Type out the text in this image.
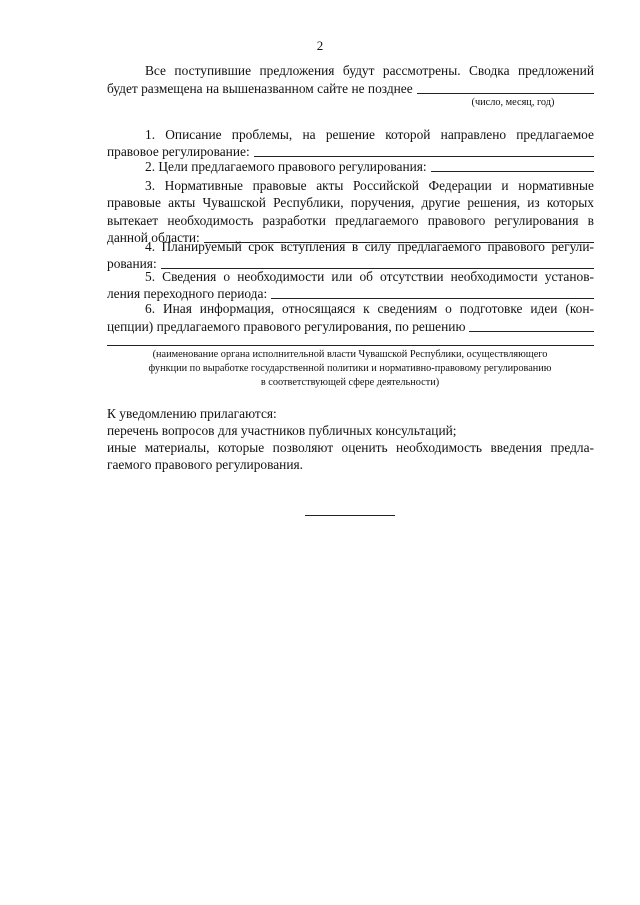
2
Все поступившие предложения будут рассмотрены. Сводка предложений
будет размещена на вышеназванном сайте не позднее
(число, месяц, год)
1. Описание проблемы, на решение которой направлено предлагаемое
правовое регулирование:
2. Цели предлагаемого правового регулирования:
3. Нормативные правовые акты Российской Федерации и нормативные
правовые акты Чувашской Республики, поручения, другие решения, из которых
вытекает необходимость разработки предлагаемого правового регулирования в
данной области:
4. Планируемый срок вступления в силу предлагаемого правового регули-
рования:
5. Сведения о необходимости или об отсутствии необходимости установ-
ления переходного периода:
6. Иная информация, относящаяся к сведениям о подготовке идеи (кон-
цепции) предлагаемого правового регулирования, по решению
(наименование органа исполнительной власти Чувашской Республики, осуществляющего
функции по выработке государственной политики и нормативно-правовому регулированию
в соответствующей сфере деятельности)
К уведомлению прилагаются:
перечень вопросов для участников публичных консультаций;
иные материалы, которые позволяют оценить необходимость введения предла-
гаемого правового регулирования.
